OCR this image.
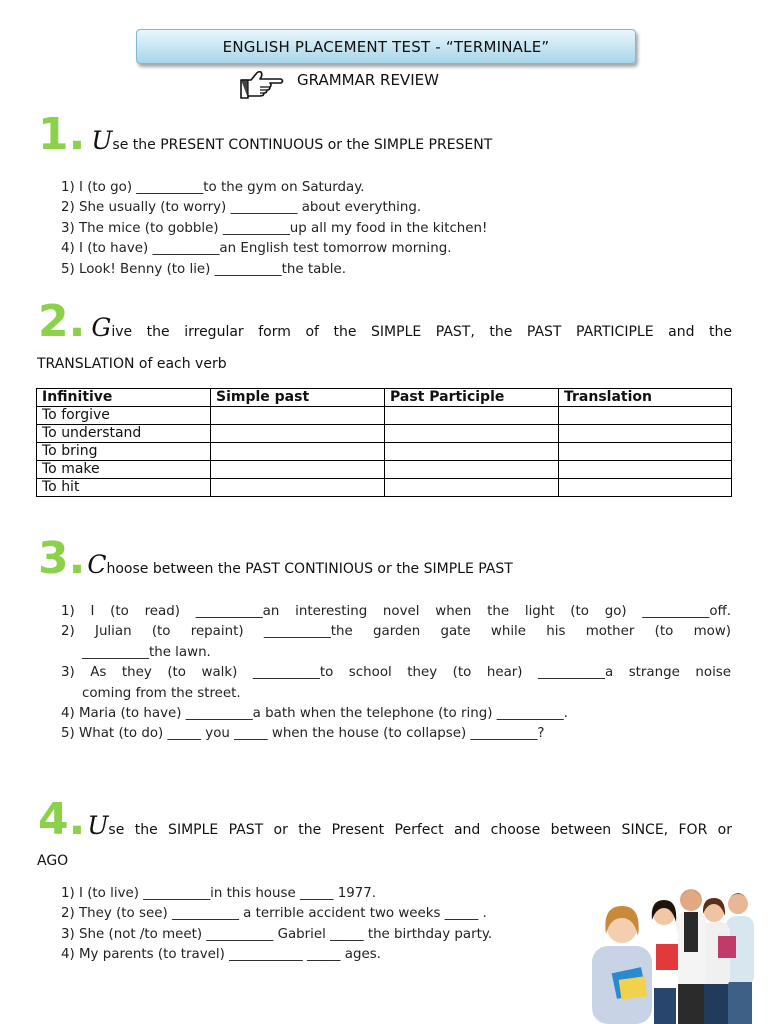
ENGLISH PLACEMENT TEST - “TERMINALE”
GRAMMAR REVIEW
1. U se the PRESENT CONTINUOUS or the SIMPLE PRESENT
1) I (to go) __________to the gym on Saturday.
2) She usually (to worry) __________ about everything.
3) The mice (to gobble) __________up all my food in the kitchen!
4) I (to have) __________an English test tomorrow morning.
5) Look! Benny (to lie) __________the table.
2. G ive the irregular form of the SIMPLE PAST, the PAST PARTICIPLE and the
TRANSLATION of each verb
Infinitive	Simple past	Past Participle	Translation
To forgive			
To understand			
To bring			
To make			
To hit			
3. C hoose between the PAST CONTINIOUS or the SIMPLE PAST
1) I (to read) __________an interesting novel when the light (to go) __________off.
2) Julian (to repaint) __________the garden gate while his mother (to mow)
__________the lawn.
3) As they (to walk) __________to school they (to hear) __________a strange noise
coming from the street.
4) Maria (to have) __________a bath when the telephone (to ring) __________.
5) What (to do) _____ you _____ when the house (to collapse) __________?
4. U se the SIMPLE PAST or the Present Perfect and choose between SINCE, FOR or
AGO
1) I (to live) __________in this house _____ 1977.
2) They (to see) __________ a terrible accident two weeks _____ .
3) She (not /to meet) __________ Gabriel _____ the birthday party.
4) My parents (to travel) ___________ _____ ages.
